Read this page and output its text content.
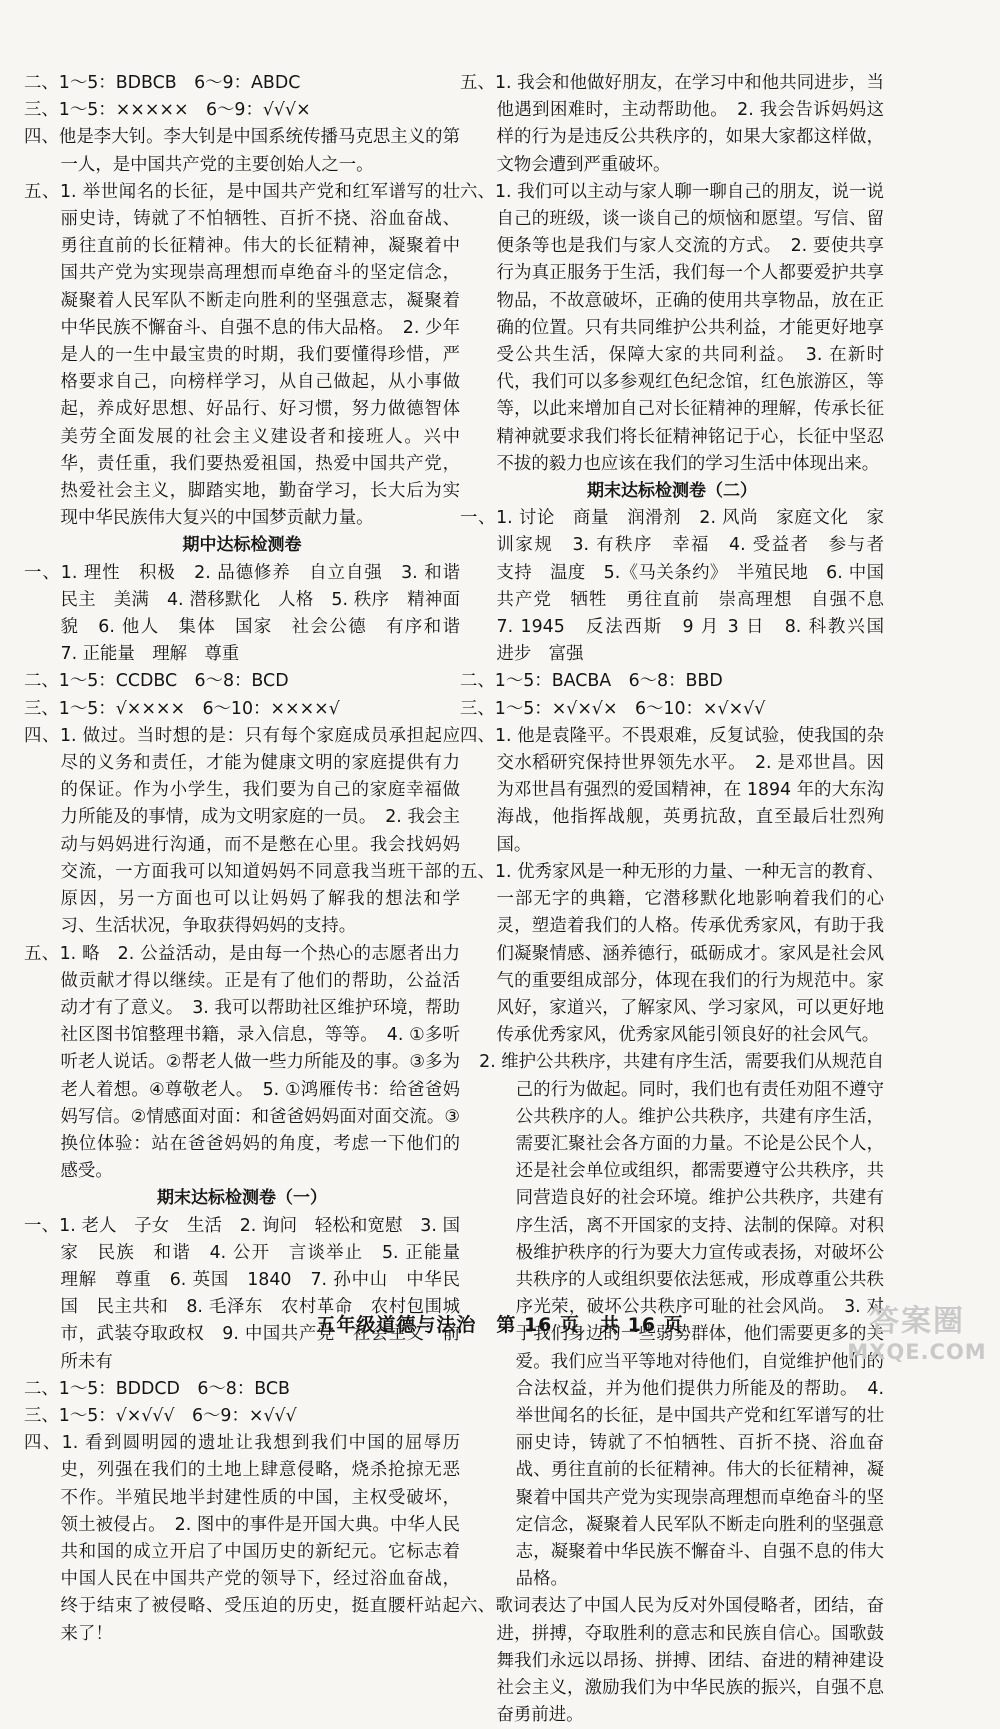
二、1～5：BDBCB　6～9：ABDC
三、1～5：×××××　6～9：√√√×
四、他是李大钊。李大钊是中国系统传播马克思主义的第一人，是中国共产党的主要创始人之一。
五、1. 举世闻名的长征，是中国共产党和红军谱写的壮丽史诗，铸就了不怕牺牲、百折不挠、浴血奋战、勇往直前的长征精神。伟大的长征精神，凝聚着中国共产党为实现崇高理想而卓绝奋斗的坚定信念，凝聚着人民军队不断走向胜利的坚强意志，凝聚着中华民族不懈奋斗、自强不息的伟大品格。　2. 少年是人的一生中最宝贵的时期，我们要懂得珍惜，严格要求自己，向榜样学习，从自己做起，从小事做起，养成好思想、好品行、好习惯，努力做德智体美劳全面发展的社会主义建设者和接班人。兴中华，责任重，我们要热爱祖国，热爱中国共产党，热爱社会主义，脚踏实地，勤奋学习，长大后为实现中华民族伟大复兴的中国梦贡献力量。
期中达标检测卷
一、1. 理性　积极　2. 品德修养　自立自强　3. 和谐　民主　美满　4. 潜移默化　人格　5. 秩序　精神面貌　6. 他人　集体　国家　社会公德　有序和谐　7. 正能量　理解　尊重
二、1～5：CCDBC　6～8：BCD
三、1～5：√××××　6～10：××××√
四、1. 做过。当时想的是：只有每个家庭成员承担起应尽的义务和责任，才能为健康文明的家庭提供有力的保证。作为小学生，我们要为自己的家庭幸福做力所能及的事情，成为文明家庭的一员。　2. 我会主动与妈妈进行沟通，而不是憋在心里。我会找妈妈交流，一方面我可以知道妈妈不同意我当班干部的原因，另一方面也可以让妈妈了解我的想法和学习、生活状况，争取获得妈妈的支持。
五、1. 略　2. 公益活动，是由每一个热心的志愿者出力做贡献才得以继续。正是有了他们的帮助，公益活动才有了意义。　3. 我可以帮助社区维护环境，帮助社区图书馆整理书籍，录入信息，等等。　4. ①多听听老人说话。②帮老人做一些力所能及的事。③多为老人着想。④尊敬老人。　5. ①鸿雁传书：给爸爸妈妈写信。②情感面对面：和爸爸妈妈面对面交流。③换位体验：站在爸爸妈妈的角度，考虑一下他们的感受。
期末达标检测卷（一）
一、1. 老人　子女　生活　2. 询问　轻松和宽慰　3. 国家　民族　和谐　4. 公开　言谈举止　5. 正能量　理解　尊重　6. 英国　1840　7. 孙中山　中华民国　民主共和　8. 毛泽东　农村革命　农村包围城市，武装夺取政权　9. 中国共产党　社会主义　前所未有
二、1～5：BDDCD　6～8：BCB
三、1～5：√×√√√　6～9：×√√√
四、1. 看到圆明园的遗址让我想到我们中国的屈辱历史，列强在我们的土地上肆意侵略，烧杀抢掠无恶不作。半殖民地半封建性质的中国，主权受破坏，领土被侵占。　2. 图中的事件是开国大典。中华人民共和国的成立开启了中国历史的新纪元。它标志着中国人民在中国共产党的领导下，经过浴血奋战，终于结束了被侵略、受压迫的历史，挺直腰杆站起来了！
五、1. 我会和他做好朋友，在学习中和他共同进步，当他遇到困难时，主动帮助他。　2. 我会告诉妈妈这样的行为是违反公共秩序的，如果大家都这样做，文物会遭到严重破坏。
六、1. 我们可以主动与家人聊一聊自己的朋友，说一说自己的班级，谈一谈自己的烦恼和愿望。写信、留便条等也是我们与家人交流的方式。　2. 要使共享行为真正服务于生活，我们每一个人都要爱护共享物品，不故意破坏，正确的使用共享物品，放在正确的位置。只有共同维护公共利益，才能更好地享受公共生活，保障大家的共同利益。　3. 在新时代，我们可以多参观红色纪念馆，红色旅游区，等等，以此来增加自己对长征精神的理解，传承长征精神就要求我们将长征精神铭记于心，长征中坚忍不拔的毅力也应该在我们的学习生活中体现出来。
期末达标检测卷（二）
一、1. 讨论　商量　润滑剂　2. 风尚　家庭文化　家训家规　3. 有秩序　幸福　4. 受益者　参与者　支持　温度　5.《马关条约》　半殖民地　6. 中国共产党　牺牲　勇往直前　崇高理想　自强不息　7. 1945　反法西斯　9 月 3 日　8. 科教兴国　进步　富强
二、1～5：BACBA　6～8：BBD
三、1～5：×√×√×　6～10：×√×√√
四、1. 他是袁隆平。不畏艰难，反复试验，使我国的杂交水稻研究保持世界领先水平。　2. 是邓世昌。因为邓世昌有强烈的爱国精神，在 1894 年的大东沟海战，他指挥战舰，英勇抗敌，直至最后壮烈殉国。
五、1. 优秀家风是一种无形的力量、一种无言的教育、一部无字的典籍，它潜移默化地影响着我们的心灵，塑造着我们的人格。传承优秀家风，有助于我们凝聚情感、涵养德行，砥砺成才。家风是社会风气的重要组成部分，体现在我们的行为规范中。家风好，家道兴，了解家风、学习家风，可以更好地传承优秀家风，优秀家风能引领良好的社会风气。
2. 维护公共秩序，共建有序生活，需要我们从规范自己的行为做起。同时，我们也有责任劝阻不遵守公共秩序的人。维护公共秩序，共建有序生活，需要汇聚社会各方面的力量。不论是公民个人，还是社会单位或组织，都需要遵守公共秩序，共同营造良好的社会环境。维护公共秩序，共建有序生活，离不开国家的支持、法制的保障。对积极维护秩序的行为要大力宣传或表扬，对破坏公共秩序的人或组织要依法惩戒，形成尊重公共秩序光荣，破坏公共秩序可耻的社会风尚。　3. 对于我们身边的一些弱势群体，他们需要更多的关爱。我们应当平等地对待他们，自觉维护他们的合法权益，并为他们提供力所能及的帮助。　4. 举世闻名的长征，是中国共产党和红军谱写的壮丽史诗，铸就了不怕牺牲、百折不挠、浴血奋战、勇往直前的长征精神。伟大的长征精神，凝聚着中国共产党为实现崇高理想而卓绝奋斗的坚定信念，凝聚着人民军队不断走向胜利的坚强意志，凝聚着中华民族不懈奋斗、自强不息的伟大品格。
六、歌词表达了中国人民为反对外国侵略者，团结，奋进，拼搏，夺取胜利的意志和民族自信心。国歌鼓舞我们永远以昂扬、拼搏、团结、奋进的精神建设社会主义，激励我们为中华民族的振兴，自强不息奋勇前进。
五年级道德与法治　第 16 页　共 16 页	答案圈
MXQE.COM
